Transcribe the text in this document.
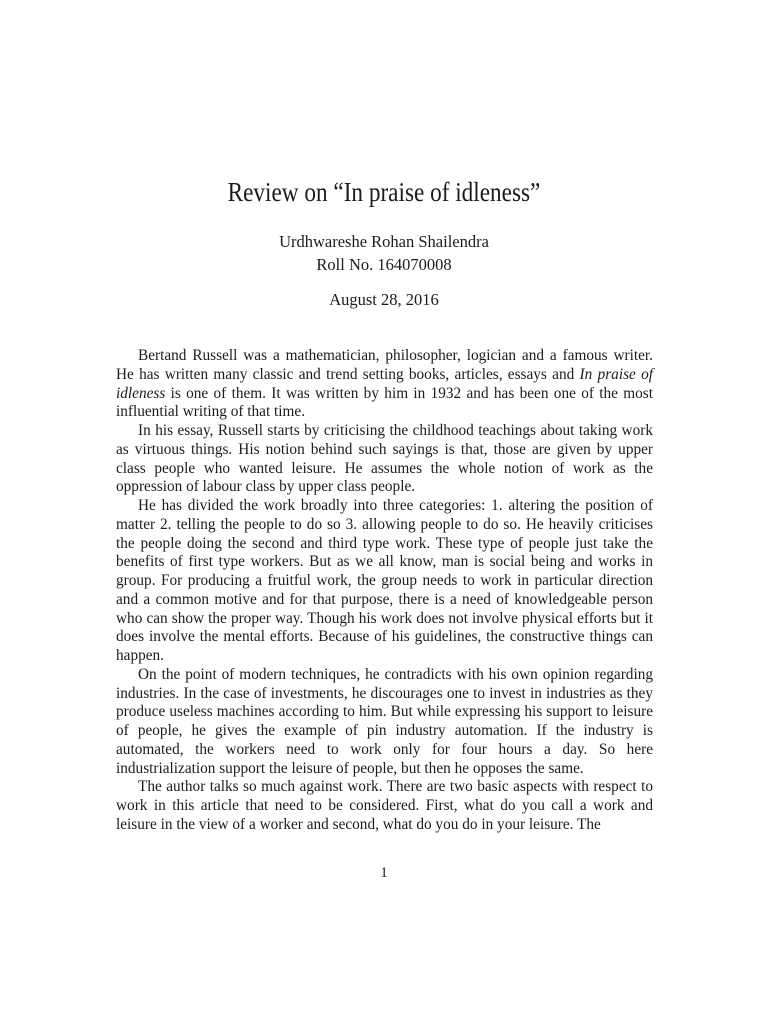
Review on “In praise of idleness”
Urdhwareshe Rohan Shailendra
Roll No. 164070008
August 28, 2016

Bertand Russell was a mathematician, philosopher, logician and a famous writer. He has written many classic and trend setting books, articles, essays and In praise of idleness is one of them. It was written by him in 1932 and has been one of the most influential writing of that time.

In his essay, Russell starts by criticising the childhood teachings about taking work as virtuous things. His notion behind such sayings is that, those are given by upper class people who wanted leisure. He assumes the whole notion of work as the oppression of labour class by upper class people.

He has divided the work broadly into three categories: 1. altering the position of matter 2. telling the people to do so 3. allowing people to do so. He heavily criticises the people doing the second and third type work. These type of people just take the benefits of first type workers. But as we all know, man is social being and works in group. For producing a fruitful work, the group needs to work in particular direction and a common motive and for that purpose, there is a need of knowledgeable person who can show the proper way. Though his work does not involve physical efforts but it does involve the mental efforts. Because of his guidelines, the constructive things can happen.

On the point of modern techniques, he contradicts with his own opinion regarding industries. In the case of investments, he discourages one to invest in industries as they produce useless machines according to him. But while expressing his support to leisure of people, he gives the example of pin industry automation. If the industry is automated, the workers need to work only for four hours a day. So here industrialization support the leisure of people, but then he opposes the same.

The author talks so much against work. There are two basic aspects with respect to work in this article that need to be considered. First, what do you call a work and leisure in the view of a worker and second, what do you do in your leisure. The

1
